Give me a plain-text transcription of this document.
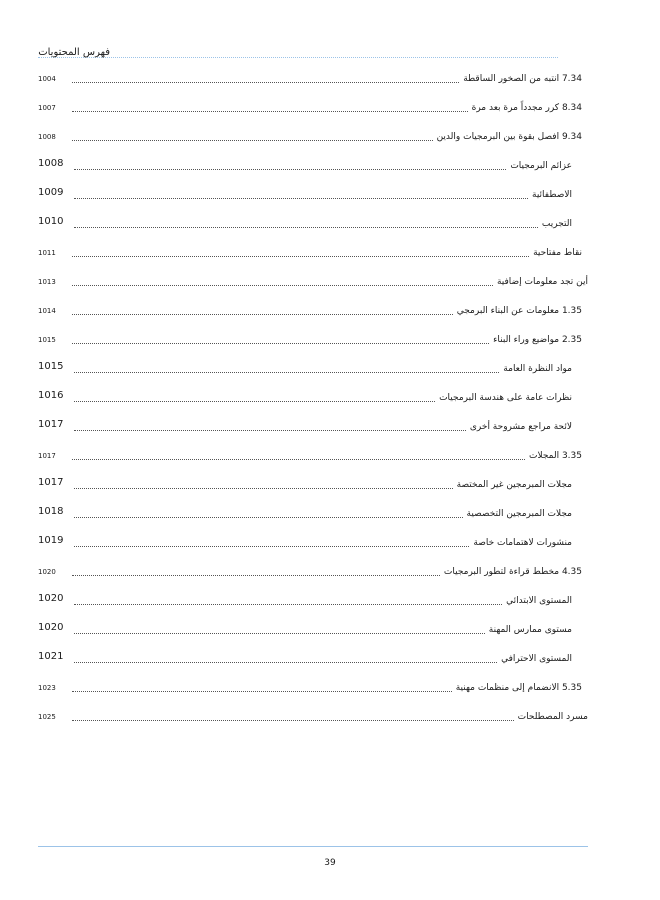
فهرس المحتويات
7.34 انتبه من الصخور الساقطة
1004
8.34 كرر مجدداً مرة بعد مرة
1007
9.34 افصل بقوة بين البرمجيات والدين
1008
عزائم البرمجيات
1008
الاصطفائية
1009
التجريب
1010
نقاط مفتاحية
1011
أين تجد معلومات إضافية
1013
1.35 معلومات عن البناء البرمجي
1014
2.35 مواضيع وراء البناء
1015
مواد النظرة العامة
1015
نظرات عامة على هندسة البرمجيات
1016
لائحة مراجع مشروحة أخرى
1017
3.35 المجلات
1017
مجلات المبرمجين غير المختصة
1017
مجلات المبرمجين التخصصية
1018
منشورات لاهتمامات خاصة
1019
4.35 مخطط قراءة لتطور البرمجيات
1020
المستوى الابتدائي
1020
مستوى ممارس المهنة
1020
المستوى الاحترافي
1021
5.35 الانضمام إلى منظمات مهنية
1023
مسرد المصطلحات
1025
39
